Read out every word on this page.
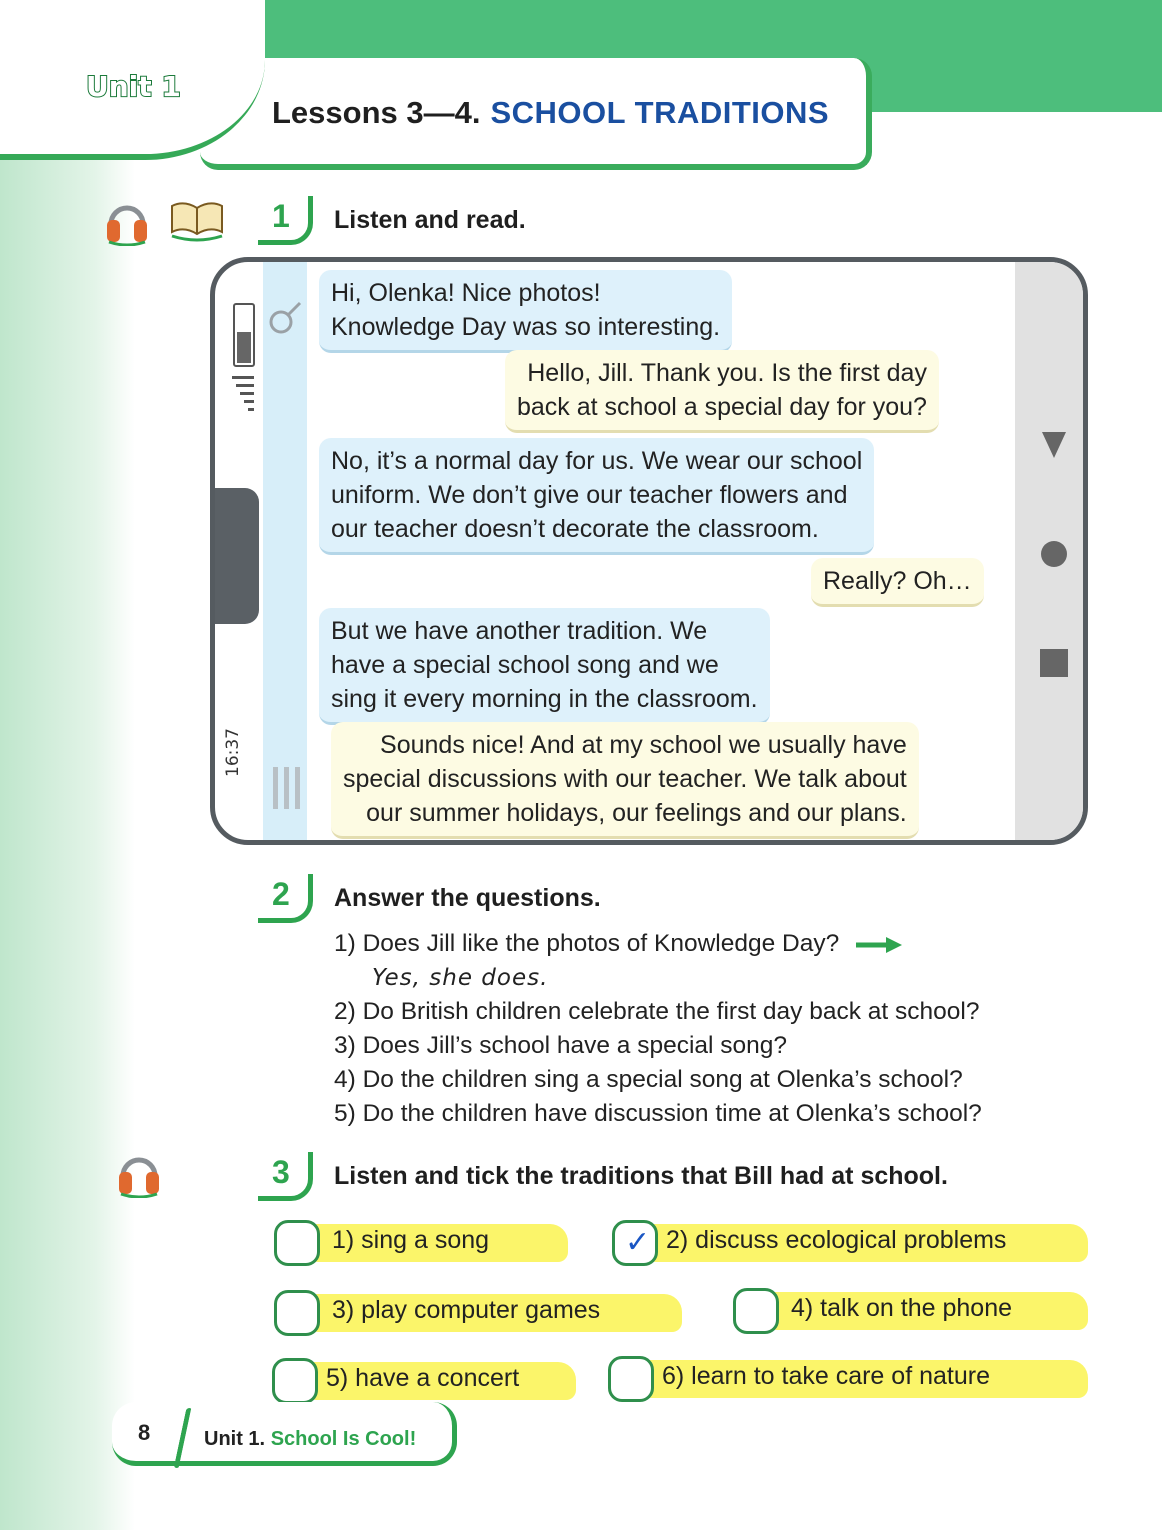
Unit 1
Lessons 3—4. SCHOOL TRADITIONS
1 Listen and read.
16:37
Hi, Olenka! Nice photos!
Knowledge Day was so interesting.
Hello, Jill. Thank you. Is the first day
back at school a special day for you?
No, it’s a normal day for us. We wear our school
uniform. We don’t give our teacher flowers and
our teacher doesn’t decorate the classroom.
Really? Oh…
But we have another tradition. We
have a special school song and we
sing it every morning in the classroom.
Sounds nice! And at my school we usually have
special discussions with our teacher. We talk about
our summer holidays, our feelings and our plans.
2 Answer the questions.
1) Does Jill like the photos of Knowledge Day?
Yes, she does.
2) Do British children celebrate the first day back at school?
3) Does Jill’s school have a special song?
4) Do the children sing a special song at Olenka’s school?
5) Do the children have discussion time at Olenka’s school?
3 Listen and tick the traditions that Bill had at school.
1) sing a song	✓ 2) discuss ecological problems
3) play computer games	4) talk on the phone
5) have a concert	6) learn to take care of nature
8	Unit 1. School Is Cool!
